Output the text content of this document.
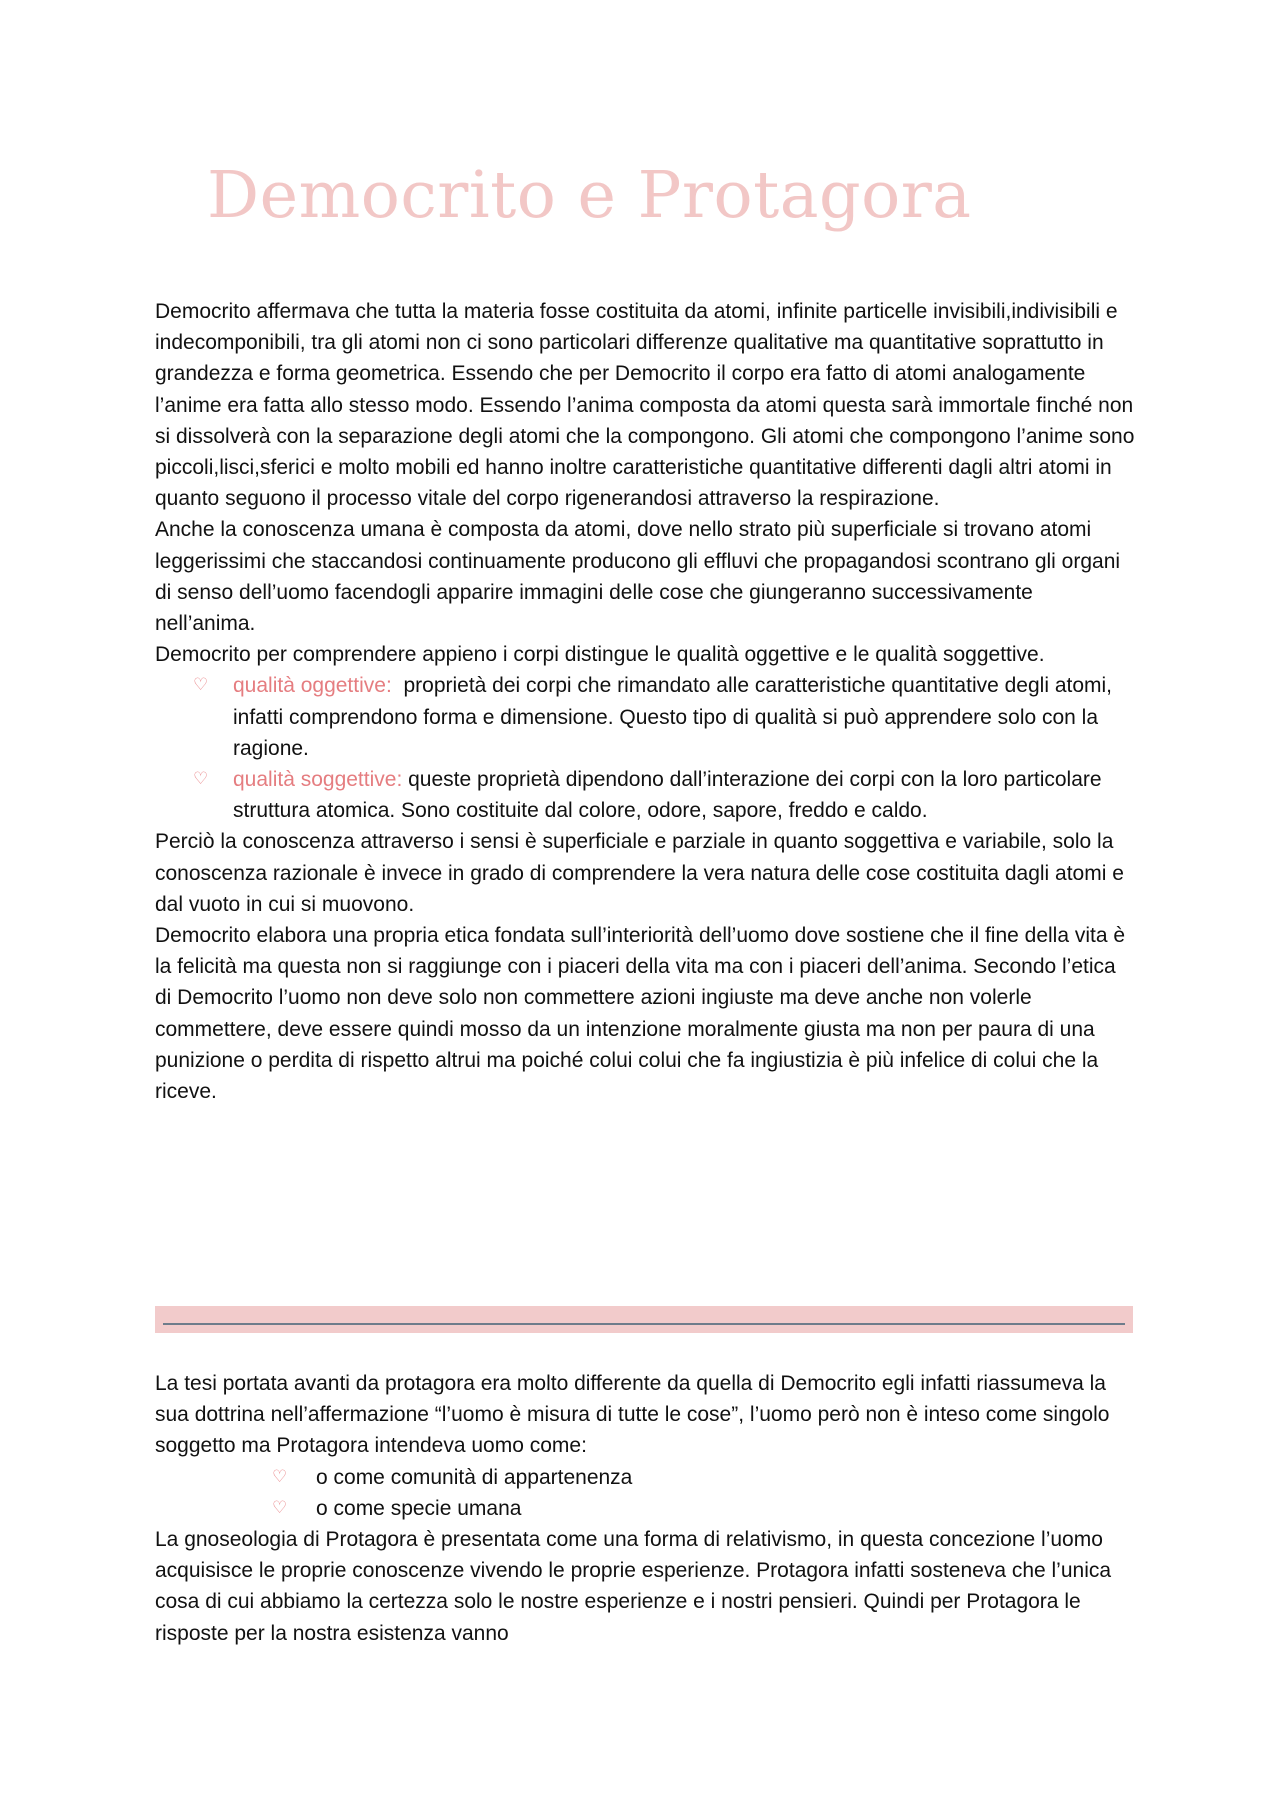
Democrito e Protagora

Democrito affermava che tutta la materia fosse costituita da atomi, infinite particelle invisibili,indivisibili e indecomponibili, tra gli atomi non ci sono particolari differenze qualitative ma quantitative soprattutto in grandezza e forma geometrica. Essendo che per Democrito il corpo era fatto di atomi analogamente l’anime era fatta allo stesso modo. Essendo l’anima composta da atomi questa sarà immortale finché non si dissolverà con la separazione degli atomi che la compongono. Gli atomi che compongono l’anime sono piccoli,lisci,sferici e molto mobili ed hanno inoltre caratteristiche quantitative differenti dagli altri atomi in quanto seguono il processo vitale del corpo rigenerandosi attraverso la respirazione.

Anche la conoscenza umana è composta da atomi, dove nello strato più superficiale si trovano atomi leggerissimi che staccandosi continuamente producono gli effluvi che propagandosi scontrano gli organi di senso dell’uomo facendogli apparire immagini delle cose che giungeranno successivamente nell’anima.

Democrito per comprendere appieno i corpi distingue le qualità oggettive e le qualità soggettive.

♡ qualità oggettive:  proprietà dei corpi che rimandato alle caratteristiche quantitative degli atomi, infatti comprendono forma e dimensione. Questo tipo di qualità si può apprendere solo con la ragione.
♡ qualità soggettive: queste proprietà dipendono dall’interazione dei corpi con la loro particolare struttura atomica. Sono costituite dal colore, odore, sapore, freddo e caldo.

Perciò la conoscenza attraverso i sensi è superficiale e parziale in quanto soggettiva e variabile, solo la conoscenza razionale è invece in grado di comprendere la vera natura delle cose costituita dagli atomi e dal vuoto in cui si muovono.

Democrito elabora una propria etica fondata sull’interiorità dell’uomo dove sostiene che il fine della vita è la felicità ma questa non si raggiunge con i piaceri della vita ma con i piaceri dell’anima. Secondo l’etica di Democrito l’uomo non deve solo non commettere azioni ingiuste ma deve anche non volerle commettere, deve essere quindi mosso da un intenzione moralmente giusta ma non per paura di una punizione o perdita di rispetto altrui ma poiché colui colui che fa ingiustizia è più infelice di colui che la riceve.

La tesi portata avanti da protagora era molto differente da quella di Democrito egli infatti riassumeva la sua dottrina nell’affermazione “l’uomo è misura di tutte le cose”, l’uomo però non è inteso come singolo soggetto ma Protagora intendeva uomo come:

♡ o come comunità di appartenenza
♡ o come specie umana

La gnoseologia di Protagora è presentata come una forma di relativismo, in questa concezione l’uomo acquisisce le proprie conoscenze vivendo le proprie esperienze. Protagora infatti sosteneva che l’unica cosa di cui abbiamo la certezza solo le nostre esperienze e i nostri pensieri. Quindi per Protagora le risposte per la nostra esistenza vanno
